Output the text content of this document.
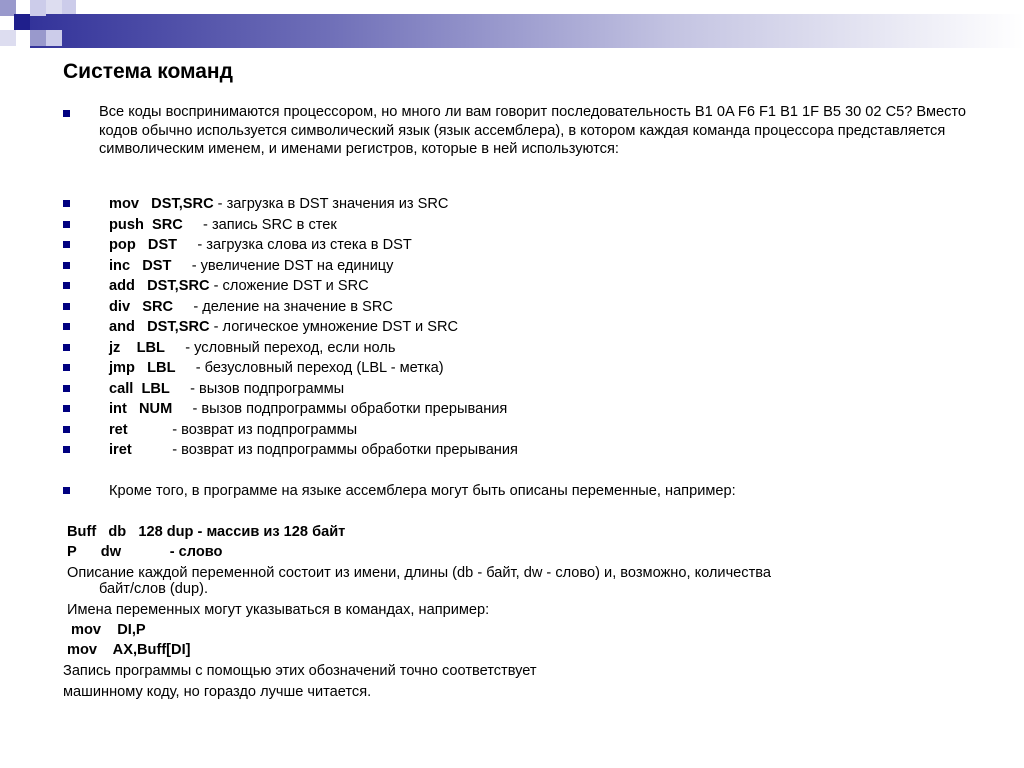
Система команд
Все коды воспринимаются процессором, но много ли вам говорит последовательность B1 0A F6 F1 B1 1F B5 30 02 C5? Вместо кодов обычно используется символический язык (язык ассемблера), в котором каждая команда процессора представляется символическим именем, и именами регистров, которые в ней используются:
mov   DST,SRC - загрузка в DST значения из SRC
push  SRC     - запись SRC в стек
pop   DST     - загрузка слова из стека в DST
inc   DST     - увеличение DST на единицу
add   DST,SRC - сложение DST и SRC
div   SRC     - деление на значение в SRC
and   DST,SRC - логическое умножение DST и SRC
jz    LBL     - условный переход, если ноль
jmp   LBL     - безусловный переход (LBL - метка)
call  LBL     - вызов подпрограммы
int   NUM     - вызов подпрограммы обработки прерывания
ret           - возврат из подпрограммы
iret          - возврат из подпрограммы обработки прерывания
Кроме того, в программе на языке ассемблера могут быть описаны переменные, например:
Buff   db   128 dup - массив из 128 байт
P      dw            - слово
Описание каждой переменной состоит из имени, длины (db - байт, dw - слово) и, возможно, количества
байт/слов (dup).
Имена переменных могут указываться в командах, например:
mov    DI,P
mov    AX,Buff[DI]
Запись программы с помощью этих обозначений точно соответствует
машинному коду, но гораздо лучше читается.
